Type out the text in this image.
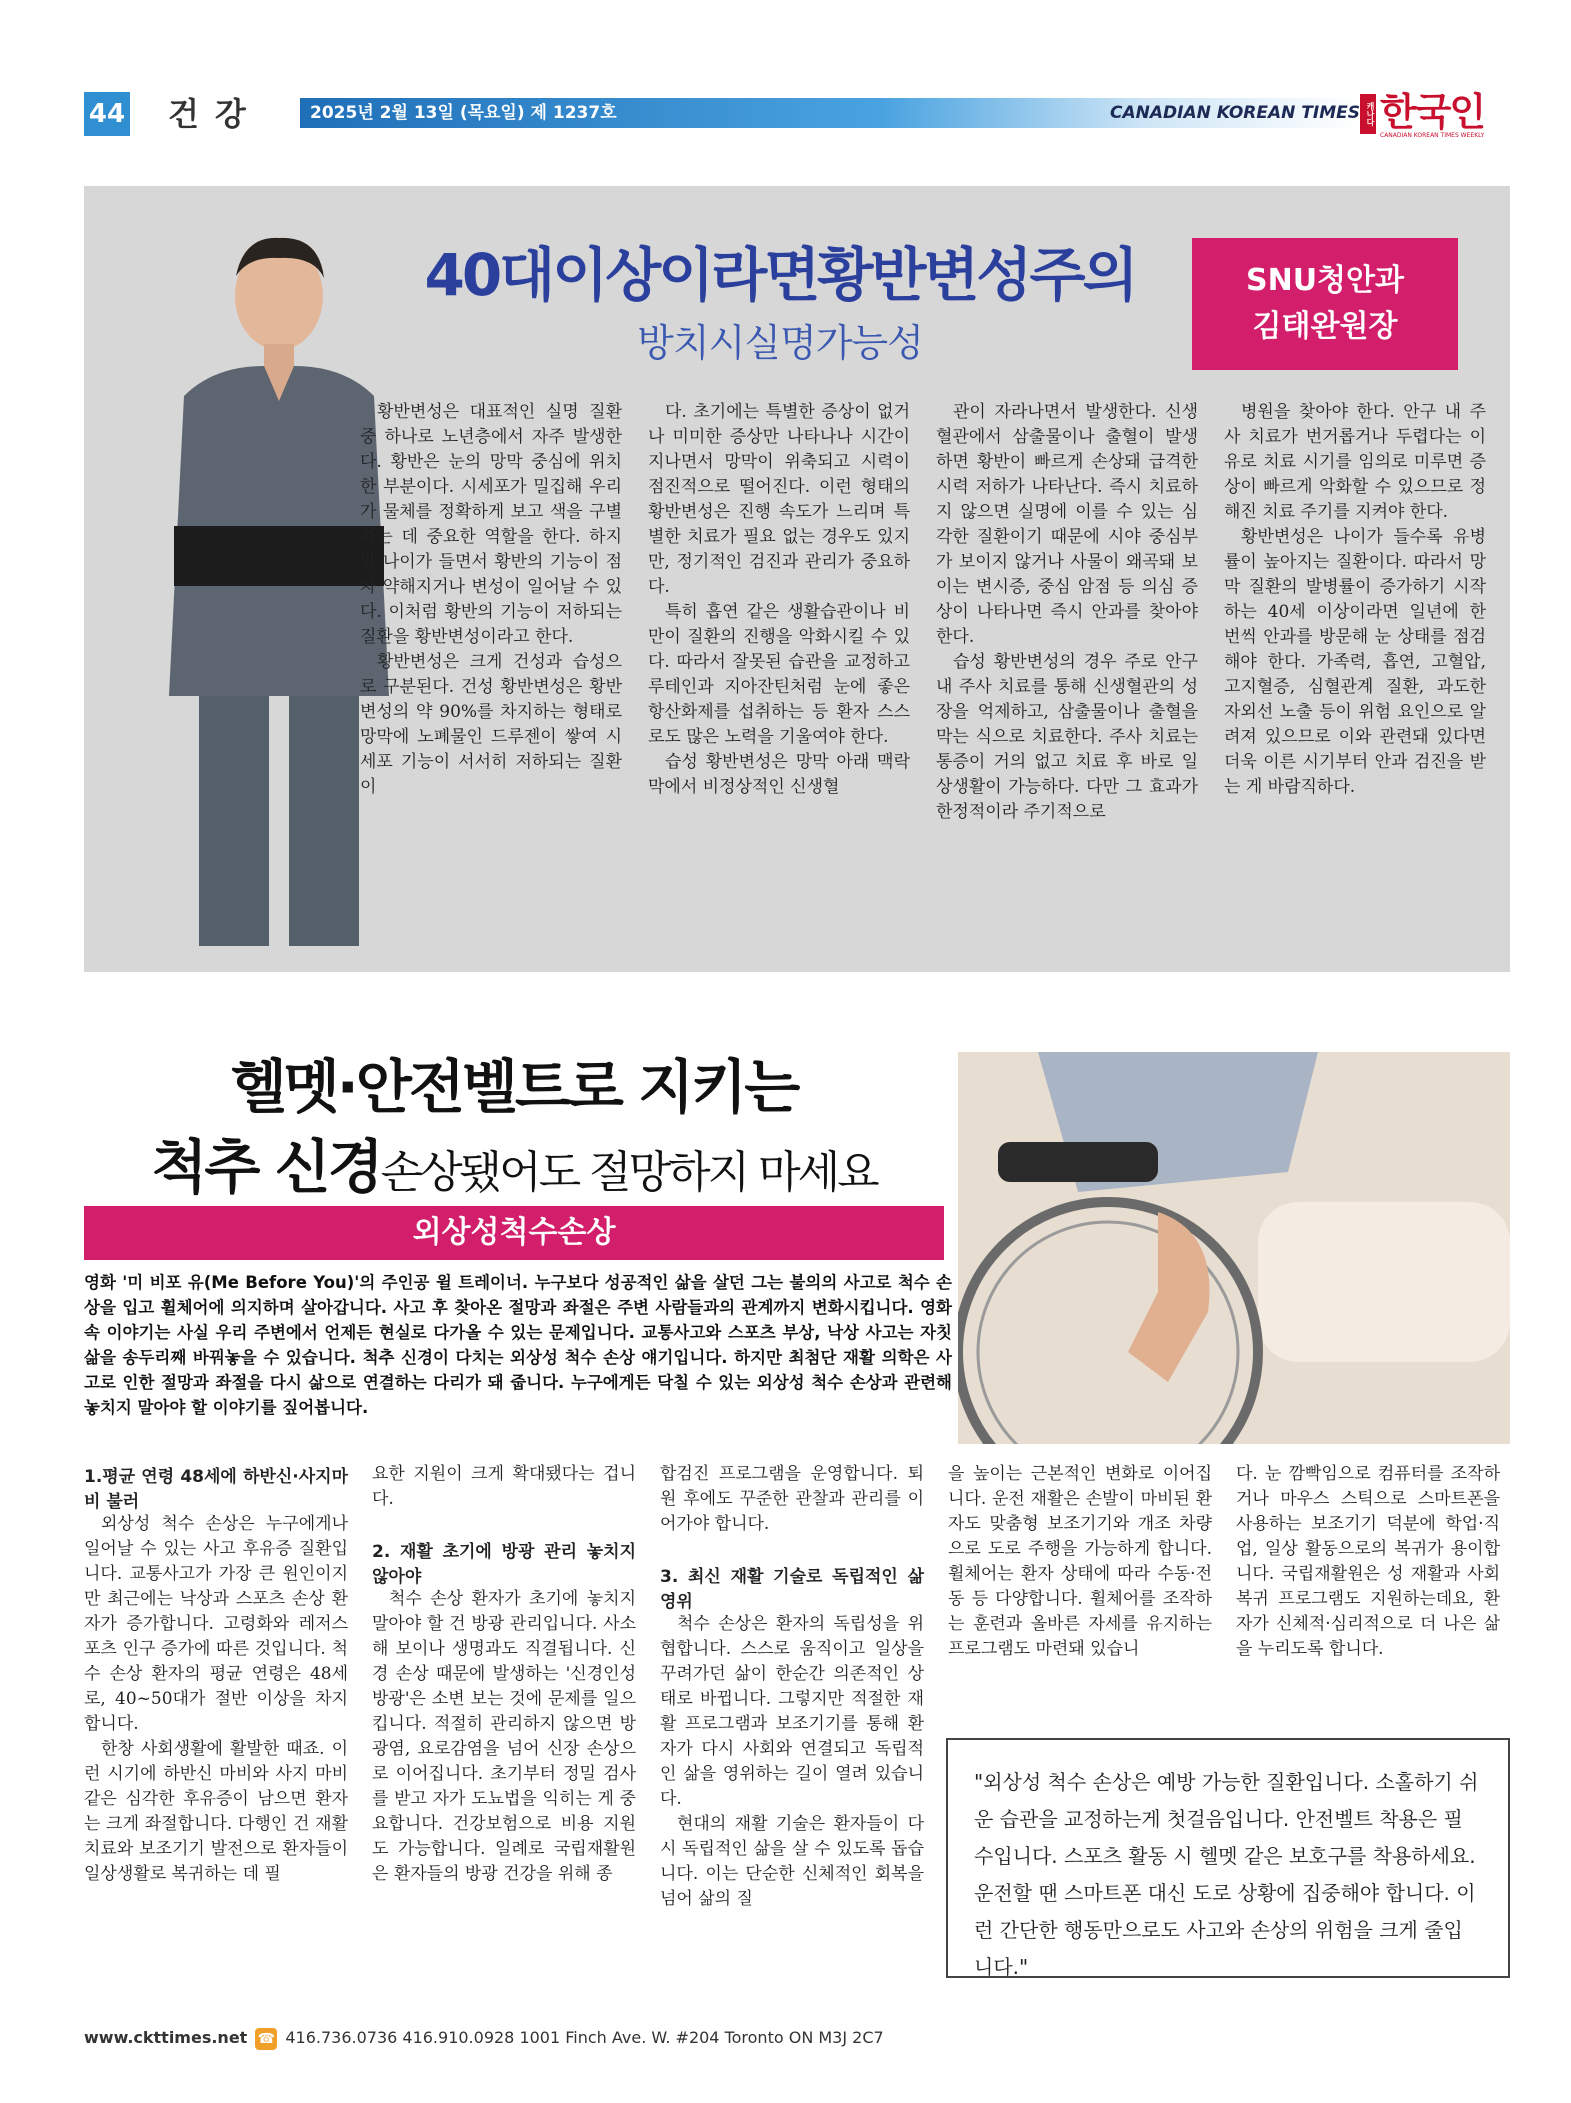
44 건강	2025년 2월 13일 (목요일) 제 1237호	CANADIAN KOREAN TIMES 캐나다 한국인
CANADIAN KOREAN TIMES WEEKLY
40대이상이라면황반변성주의
방치시실명가능성
SNU청안과
김태완원장

황반변성은 대표적인 실명 질환 중 하나로 노년층에서 자주 발생한다. 황반은 눈의 망막 중심에 위치한 부분이다. 시세포가 밀집해 우리가 물체를 정확하게 보고 색을 구별하는 데 중요한 역할을 한다. 하지만 나이가 들면서 황반의 기능이 점차 약해지거나 변성이 일어날 수 있다. 이처럼 황반의 기능이 저하되는 질환을 황반변성이라고 한다.

황반변성은 크게 건성과 습성으로 구분된다. 건성 황반변성은 황반변성의 약 90%를 차지하는 형태로 망막에 노폐물인 드루젠이 쌓여 시세포 기능이 서서히 저하되는 질환이

다. 초기에는 특별한 증상이 없거나 미미한 증상만 나타나나 시간이 지나면서 망막이 위축되고 시력이 점진적으로 떨어진다. 이런 형태의 황반변성은 진행 속도가 느리며 특별한 치료가 필요 없는 경우도 있지만, 정기적인 검진과 관리가 중요하다.

특히 흡연 같은 생활습관이나 비만이 질환의 진행을 악화시킬 수 있다. 따라서 잘못된 습관을 교정하고 루테인과 지아잔틴처럼 눈에 좋은 항산화제를 섭취하는 등 환자 스스로도 많은 노력을 기울여야 한다.

습성 황반변성은 망막 아래 맥락막에서 비정상적인 신생혈

관이 자라나면서 발생한다. 신생혈관에서 삼출물이나 출혈이 발생하면 황반이 빠르게 손상돼 급격한 시력 저하가 나타난다. 즉시 치료하지 않으면 실명에 이를 수 있는 심각한 질환이기 때문에 시야 중심부가 보이지 않거나 사물이 왜곡돼 보이는 변시증, 중심 암점 등 의심 증상이 나타나면 즉시 안과를 찾아야 한다.

습성 황반변성의 경우 주로 안구 내 주사 치료를 통해 신생혈관의 성장을 억제하고, 삼출물이나 출혈을 막는 식으로 치료한다. 주사 치료는 통증이 거의 없고 치료 후 바로 일상생활이 가능하다. 다만 그 효과가 한정적이라 주기적으로

병원을 찾아야 한다. 안구 내 주사 치료가 번거롭거나 두렵다는 이유로 치료 시기를 임의로 미루면 증상이 빠르게 악화할 수 있으므로 정해진 치료 주기를 지켜야 한다.

황반변성은 나이가 들수록 유병률이 높아지는 질환이다. 따라서 망막 질환의 발병률이 증가하기 시작하는 40세 이상이라면 일년에 한 번씩 안과를 방문해 눈 상태를 점검해야 한다. 가족력, 흡연, 고혈압, 고지혈증, 심혈관계 질환, 과도한 자외선 노출 등이 위험 요인으로 알려져 있으므로 이와 관련돼 있다면 더욱 이른 시기부터 안과 검진을 받는 게 바람직하다.

헬멧·안전벨트로 지키는
척추 신경손상됐어도 절망하지 마세요
외상성척수손상
영화 '미 비포 유(Me Before You)'의 주인공 윌 트레이너. 누구보다 성공적인 삶을 살던 그는 불의의 사고로 척수 손상을 입고 휠체어에 의지하며 살아갑니다. 사고 후 찾아온 절망과 좌절은 주변 사람들과의 관계까지 변화시킵니다. 영화 속 이야기는 사실 우리 주변에서 언제든 현실로 다가올 수 있는 문제입니다. 교통사고와 스포츠 부상, 낙상 사고는 자칫 삶을 송두리째 바꿔놓을 수 있습니다. 척추 신경이 다치는 외상성 척수 손상 얘기입니다. 하지만 최첨단 재활 의학은 사고로 인한 절망과 좌절을 다시 삶으로 연결하는 다리가 돼 줍니다. 누구에게든 닥칠 수 있는 외상성 척수 손상과 관련해 놓치지 말아야 할 이야기를 짚어봅니다.

1.평균 연령 48세에 하반신·사지마비 불러

외상성 척수 손상은 누구에게나 일어날 수 있는 사고 후유증 질환입니다. 교통사고가 가장 큰 원인이지만 최근에는 낙상과 스포츠 손상 환자가 증가합니다. 고령화와 레저스포츠 인구 증가에 따른 것입니다. 척수 손상 환자의 평균 연령은 48세로, 40~50대가 절반 이상을 차지합니다.

한창 사회생활에 활발한 때죠. 이런 시기에 하반신 마비와 사지 마비 같은 심각한 후유증이 남으면 환자는 크게 좌절합니다. 다행인 건 재활 치료와 보조기기 발전으로 환자들이 일상생활로 복귀하는 데 필

요한 지원이 크게 확대됐다는 겁니다.

2. 재활 초기에 방광 관리 놓치지 않아야

척수 손상 환자가 초기에 놓치지 말아야 할 건 방광 관리입니다. 사소해 보이나 생명과도 직결됩니다. 신경 손상 때문에 발생하는 '신경인성 방광'은 소변 보는 것에 문제를 일으킵니다. 적절히 관리하지 않으면 방광염, 요로감염을 넘어 신장 손상으로 이어집니다. 초기부터 정밀 검사를 받고 자가 도뇨법을 익히는 게 중요합니다. 건강보험으로 비용 지원도 가능합니다. 일례로 국립재활원은 환자들의 방광 건강을 위해 종

합검진 프로그램을 운영합니다. 퇴원 후에도 꾸준한 관찰과 관리를 이어가야 합니다.

3. 최신 재활 기술로 독립적인 삶 영위

척수 손상은 환자의 독립성을 위협합니다. 스스로 움직이고 일상을 꾸려가던 삶이 한순간 의존적인 상태로 바뀝니다. 그렇지만 적절한 재활 프로그램과 보조기기를 통해 환자가 다시 사회와 연결되고 독립적인 삶을 영위하는 길이 열려 있습니다.

현대의 재활 기술은 환자들이 다시 독립적인 삶을 살 수 있도록 돕습니다. 이는 단순한 신체적인 회복을 넘어 삶의 질

을 높이는 근본적인 변화로 이어집니다. 운전 재활은 손발이 마비된 환자도 맞춤형 보조기기와 개조 차량으로 도로 주행을 가능하게 합니다. 휠체어는 환자 상태에 따라 수동·전동 등 다양합니다. 휠체어를 조작하는 훈련과 올바른 자세를 유지하는 프로그램도 마련돼 있습니

다. 눈 깜빡임으로 컴퓨터를 조작하거나 마우스 스틱으로 스마트폰을 사용하는 보조기기 덕분에 학업·직업, 일상 활동으로의 복귀가 용이합니다. 국립재활원은 성 재활과 사회 복귀 프로그램도 지원하는데요, 환자가 신체적·심리적으로 더 나은 삶을 누리도록 합니다.

"외상성 척수 손상은 예방 가능한 질환입니다. 소홀하기 쉬운 습관을 교정하는게 첫걸음입니다. 안전벨트 착용은 필수입니다. 스포츠 활동 시 헬멧 같은 보호구를 착용하세요. 운전할 땐 스마트폰 대신 도로 상황에 집중해야 합니다. 이런 간단한 행동만으로도 사고와 손상의 위험을 크게 줄입니다."
www.ckttimes.net ☎ 416.736.0736 416.910.0928 1001 Finch Ave. W. #204 Toronto ON M3J 2C7
